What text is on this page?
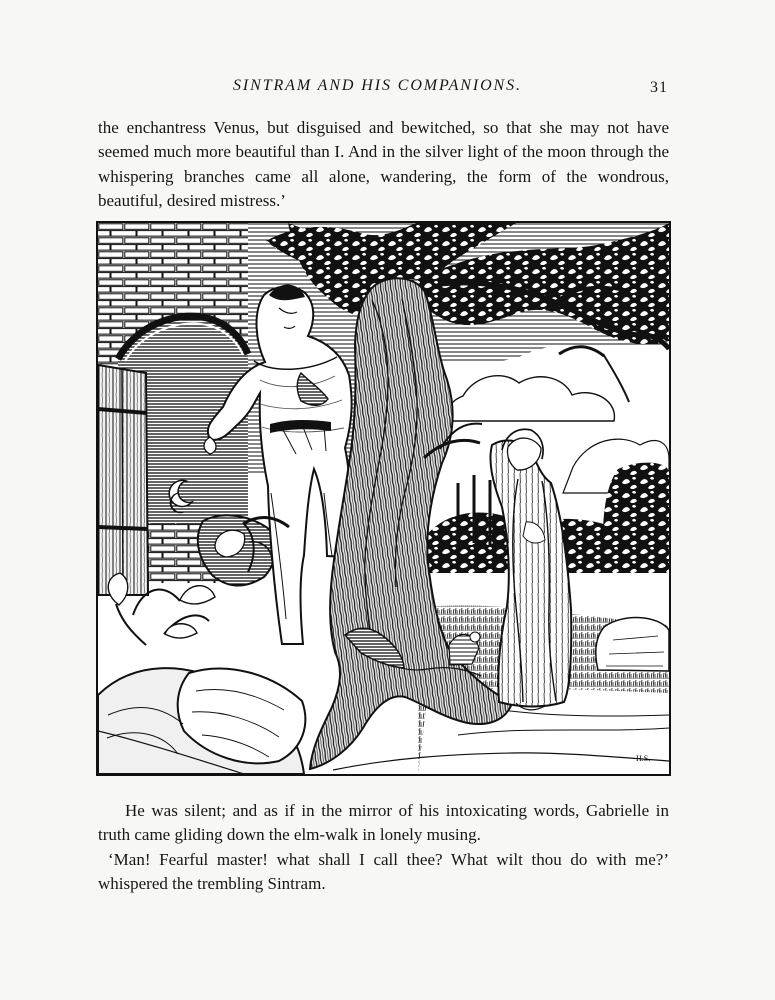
SINTRAM AND HIS COMPANIONS.	31

the enchantress Venus, but disguised and bewitched, so that she may not have seemed much more beautiful than I. And in the silver light of the moon through the whispering branches came all alone, wandering, the form of the wondrous, beautiful, desired mistress.’

H.S.

He was silent; and as if in the mirror of his intoxicating words, Gabrielle in truth came gliding down the elm-walk in lonely musing.

‘Man! Fearful master! what shall I call thee? What wilt thou do with me?’ whispered the trembling Sintram.
